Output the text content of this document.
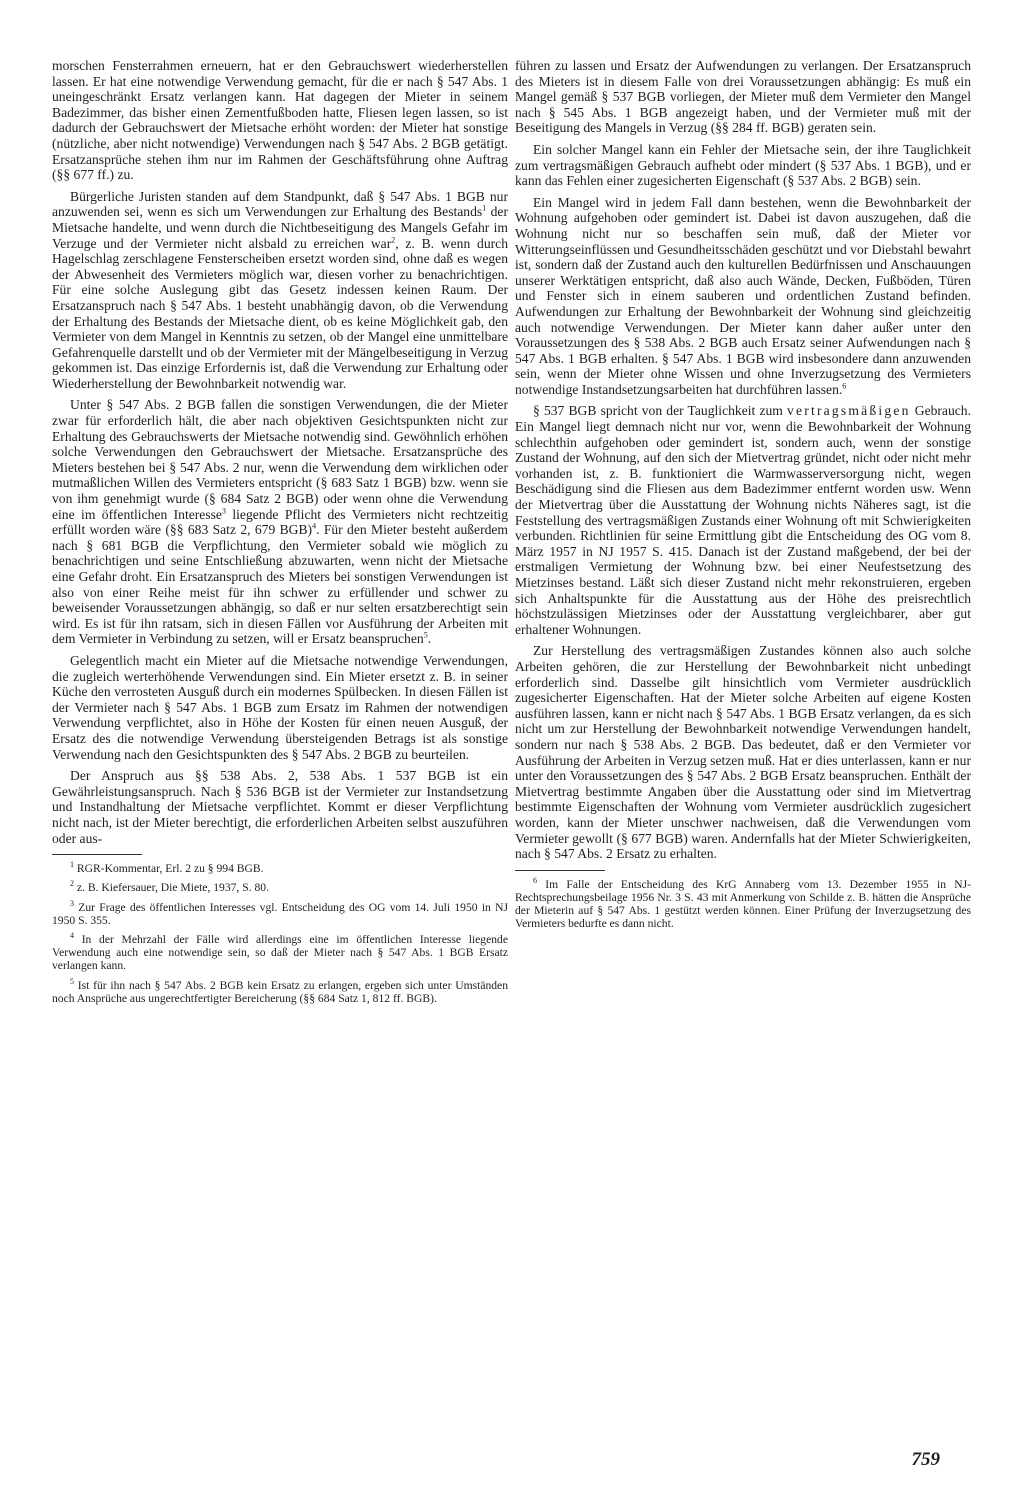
morschen Fensterrahmen erneuern, hat er den Gebrauchswert wiederherstellen lassen. Er hat eine notwendige Verwendung gemacht, für die er nach § 547 Abs. 1 uneingeschränkt Ersatz verlangen kann. Hat dagegen der Mieter in seinem Badezimmer, das bisher einen Zementfußboden hatte, Fliesen legen lassen, so ist dadurch der Gebrauchswert der Mietsache erhöht worden: der Mieter hat sonstige (nützliche, aber nicht notwendige) Verwendungen nach § 547 Abs. 2 BGB getätigt. Ersatzansprüche stehen ihm nur im Rahmen der Geschäftsführung ohne Auftrag (§§ 677 ff.) zu.

Bürgerliche Juristen standen auf dem Standpunkt, daß § 547 Abs. 1 BGB nur anzuwenden sei, wenn es sich um Verwendungen zur Erhaltung des Bestands$^1$ der Mietsache handelte, und wenn durch die Nichtbeseitigung des Mangels Gefahr im Verzuge und der Vermieter nicht alsbald zu erreichen war$^2$, z. B. wenn durch Hagelschlag zerschlagene Fensterscheiben ersetzt worden sind, ohne daß es wegen der Abwesenheit des Vermieters möglich war, diesen vorher zu benachrichtigen. Für eine solche Auslegung gibt das Gesetz indessen keinen Raum. Der Ersatzanspruch nach § 547 Abs. 1 besteht unabhängig davon, ob die Verwendung der Erhaltung des Bestands der Mietsache dient, ob es keine Möglichkeit gab, den Vermieter von dem Mangel in Kenntnis zu setzen, ob der Mangel eine unmittelbare Gefahrenquelle darstellt und ob der Vermieter mit der Mängelbeseitigung in Verzug gekommen ist. Das einzige Erfordernis ist, daß die Verwendung zur Erhaltung oder Wiederherstellung der Bewohnbarkeit notwendig war.

Unter § 547 Abs. 2 BGB fallen die sonstigen Verwendungen, die der Mieter zwar für erforderlich hält, die aber nach objektiven Gesichtspunkten nicht zur Erhaltung des Gebrauchswerts der Mietsache notwendig sind. Gewöhnlich erhöhen solche Verwendungen den Gebrauchswert der Mietsache. Ersatzansprüche des Mieters bestehen bei § 547 Abs. 2 nur, wenn die Verwendung dem wirklichen oder mutmaßlichen Willen des Vermieters entspricht (§ 683 Satz 1 BGB) bzw. wenn sie von ihm genehmigt wurde (§ 684 Satz 2 BGB) oder wenn ohne die Verwendung eine im öffentlichen Interesse$^3$ liegende Pflicht des Vermieters nicht rechtzeitig erfüllt worden wäre (§§ 683 Satz 2, 679 BGB)$^4$. Für den Mieter besteht außerdem nach § 681 BGB die Verpflichtung, den Vermieter sobald wie möglich zu benachrichtigen und seine Entschließung abzuwarten, wenn nicht der Mietsache eine Gefahr droht. Ein Ersatzanspruch des Mieters bei sonstigen Verwendungen ist also von einer Reihe meist für ihn schwer zu erfüllender und schwer zu beweisender Voraussetzungen abhängig, so daß er nur selten ersatzberechtigt sein wird. Es ist für ihn ratsam, sich in diesen Fällen vor Ausführung der Arbeiten mit dem Vermieter in Verbindung zu setzen, will er Ersatz beanspruchen$^5$.

Gelegentlich macht ein Mieter auf die Mietsache notwendige Verwendungen, die zugleich werterhöhende Verwendungen sind. Ein Mieter ersetzt z. B. in seiner Küche den verrosteten Ausguß durch ein modernes Spülbecken. In diesen Fällen ist der Vermieter nach § 547 Abs. 1 BGB zum Ersatz im Rahmen der notwendigen Verwendung verpflichtet, also in Höhe der Kosten für einen neuen Ausguß, der Ersatz des die notwendige Verwendung übersteigenden Betrags ist als sonstige Verwendung nach den Gesichtspunkten des § 547 Abs. 2 BGB zu beurteilen.

Der Anspruch aus §§ 538 Abs. 2, 538 Abs. 1 537 BGB ist ein Gewährleistungsanspruch. Nach § 536 BGB ist der Vermieter zur Instandsetzung und Instandhaltung der Mietsache verpflichtet. Kommt er dieser Verpflichtung nicht nach, ist der Mieter berechtigt, die erforderlichen Arbeiten selbst auszuführen oder aus-

$^1$ RGR-Kommentar, Erl. 2 zu § 994 BGB.

$^2$ z. B. Kiefersauer, Die Miete, 1937, S. 80.

$^3$ Zur Frage des öffentlichen Interesses vgl. Entscheidung des OG vom 14. Juli 1950 in NJ 1950 S. 355.

$^4$ In der Mehrzahl der Fälle wird allerdings eine im öffentlichen Interesse liegende Verwendung auch eine notwendige sein, so daß der Mieter nach § 547 Abs. 1 BGB Ersatz verlangen kann.

$^5$ Ist für ihn nach § 547 Abs. 2 BGB kein Ersatz zu erlangen, ergeben sich unter Umständen noch Ansprüche aus ungerechtfertigter Bereicherung (§§ 684 Satz 1, 812 ff. BGB).

führen zu lassen und Ersatz der Aufwendungen zu verlangen. Der Ersatzanspruch des Mieters ist in diesem Falle von drei Voraussetzungen abhängig: Es muß ein Mangel gemäß § 537 BGB vorliegen, der Mieter muß dem Vermieter den Mangel nach § 545 Abs. 1 BGB angezeigt haben, und der Vermieter muß mit der Beseitigung des Mangels in Verzug (§§ 284 ff. BGB) geraten sein.

Ein solcher Mangel kann ein Fehler der Mietsache sein, der ihre Tauglichkeit zum vertragsmäßigen Gebrauch aufhebt oder mindert (§ 537 Abs. 1 BGB), und er kann das Fehlen einer zugesicherten Eigenschaft (§ 537 Abs. 2 BGB) sein.

Ein Mangel wird in jedem Fall dann bestehen, wenn die Bewohnbarkeit der Wohnung aufgehoben oder gemindert ist. Dabei ist davon auszugehen, daß die Wohnung nicht nur so beschaffen sein muß, daß der Mieter vor Witterungseinflüssen und Gesundheitsschäden geschützt und vor Diebstahl bewahrt ist, sondern daß der Zustand auch den kulturellen Bedürfnissen und Anschauungen unserer Werktätigen entspricht, daß also auch Wände, Decken, Fußböden, Türen und Fenster sich in einem sauberen und ordentlichen Zustand befinden. Aufwendungen zur Erhaltung der Bewohnbarkeit der Wohnung sind gleichzeitig auch notwendige Verwendungen. Der Mieter kann daher außer unter den Voraussetzungen des § 538 Abs. 2 BGB auch Ersatz seiner Aufwendungen nach § 547 Abs. 1 BGB erhalten. § 547 Abs. 1 BGB wird insbesondere dann anzuwenden sein, wenn der Mieter ohne Wissen und ohne Inverzugsetzung des Vermieters notwendige Instandsetzungsarbeiten hat durchführen lassen.$^6$

§ 537 BGB spricht von der Tauglichkeit zum vertragsmäßigen Gebrauch. Ein Mangel liegt demnach nicht nur vor, wenn die Bewohnbarkeit der Wohnung schlechthin aufgehoben oder gemindert ist, sondern auch, wenn der sonstige Zustand der Wohnung, auf den sich der Mietvertrag gründet, nicht oder nicht mehr vorhanden ist, z. B. funktioniert die Warmwasserversorgung nicht, wegen Beschädigung sind die Fliesen aus dem Badezimmer entfernt worden usw. Wenn der Mietvertrag über die Ausstattung der Wohnung nichts Näheres sagt, ist die Feststellung des vertragsmäßigen Zustands einer Wohnung oft mit Schwierigkeiten verbunden. Richtlinien für seine Ermittlung gibt die Entscheidung des OG vom 8. März 1957 in NJ 1957 S. 415. Danach ist der Zustand maßgebend, der bei der erstmaligen Vermietung der Wohnung bzw. bei einer Neufestsetzung des Mietzinses bestand. Läßt sich dieser Zustand nicht mehr rekonstruieren, ergeben sich Anhaltspunkte für die Ausstattung aus der Höhe des preisrechtlich höchstzulässigen Mietzinses oder der Ausstattung vergleichbarer, aber gut erhaltener Wohnungen.

Zur Herstellung des vertragsmäßigen Zustandes können also auch solche Arbeiten gehören, die zur Herstellung der Bewohnbarkeit nicht unbedingt erforderlich sind. Dasselbe gilt hinsichtlich vom Vermieter ausdrücklich zugesicherter Eigenschaften. Hat der Mieter solche Arbeiten auf eigene Kosten ausführen lassen, kann er nicht nach § 547 Abs. 1 BGB Ersatz verlangen, da es sich nicht um zur Herstellung der Bewohnbarkeit notwendige Verwendungen handelt, sondern nur nach § 538 Abs. 2 BGB. Das bedeutet, daß er den Vermieter vor Ausführung der Arbeiten in Verzug setzen muß. Hat er dies unterlassen, kann er nur unter den Voraussetzungen des § 547 Abs. 2 BGB Ersatz beanspruchen. Enthält der Mietvertrag bestimmte Angaben über die Ausstattung oder sind im Mietvertrag bestimmte Eigenschaften der Wohnung vom Vermieter ausdrücklich zugesichert worden, kann der Mieter unschwer nachweisen, daß die Verwendungen vom Vermieter gewollt (§ 677 BGB) waren. Andernfalls hat der Mieter Schwierigkeiten, nach § 547 Abs. 2 Ersatz zu erhalten.

$^6$ Im Falle der Entscheidung des KrG Annaberg vom 13. Dezember 1955 in NJ-Rechtsprechungsbeilage 1956 Nr. 3 S. 43 mit Anmerkung von Schilde z. B. hätten die Ansprüche der Mieterin auf § 547 Abs. 1 gestützt werden können. Einer Prüfung der Inverzugsetzung des Vermieters bedurfte es dann nicht.

759
